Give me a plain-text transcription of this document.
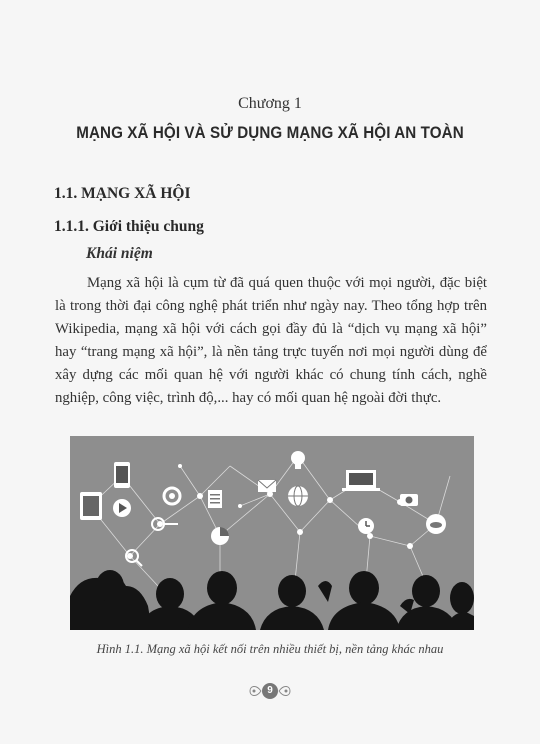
Chương 1
MẠNG XÃ HỘI VÀ SỬ DỤNG MẠNG XÃ HỘI AN TOÀN
1.1. MẠNG XÃ HỘI
1.1.1. Giới thiệu chung
Khái niệm
Mạng xã hội là cụm từ đã quá quen thuộc với mọi người, đặc biệt là trong thời đại công nghệ phát triển như ngày nay. Theo tổng hợp trên Wikipedia, mạng xã hội với cách gọi đầy đủ là “dịch vụ mạng xã hội” hay “trang mạng xã hội”, là nền tảng trực tuyến nơi mọi người dùng để xây dựng các mối quan hệ với người khác có chung tính cách, nghề nghiệp, công việc, trình độ,... hay có mối quan hệ ngoài đời thực.
Hình 1.1. Mạng xã hội kết nối trên nhiều thiết bị, nền tảng khác nhau
9
